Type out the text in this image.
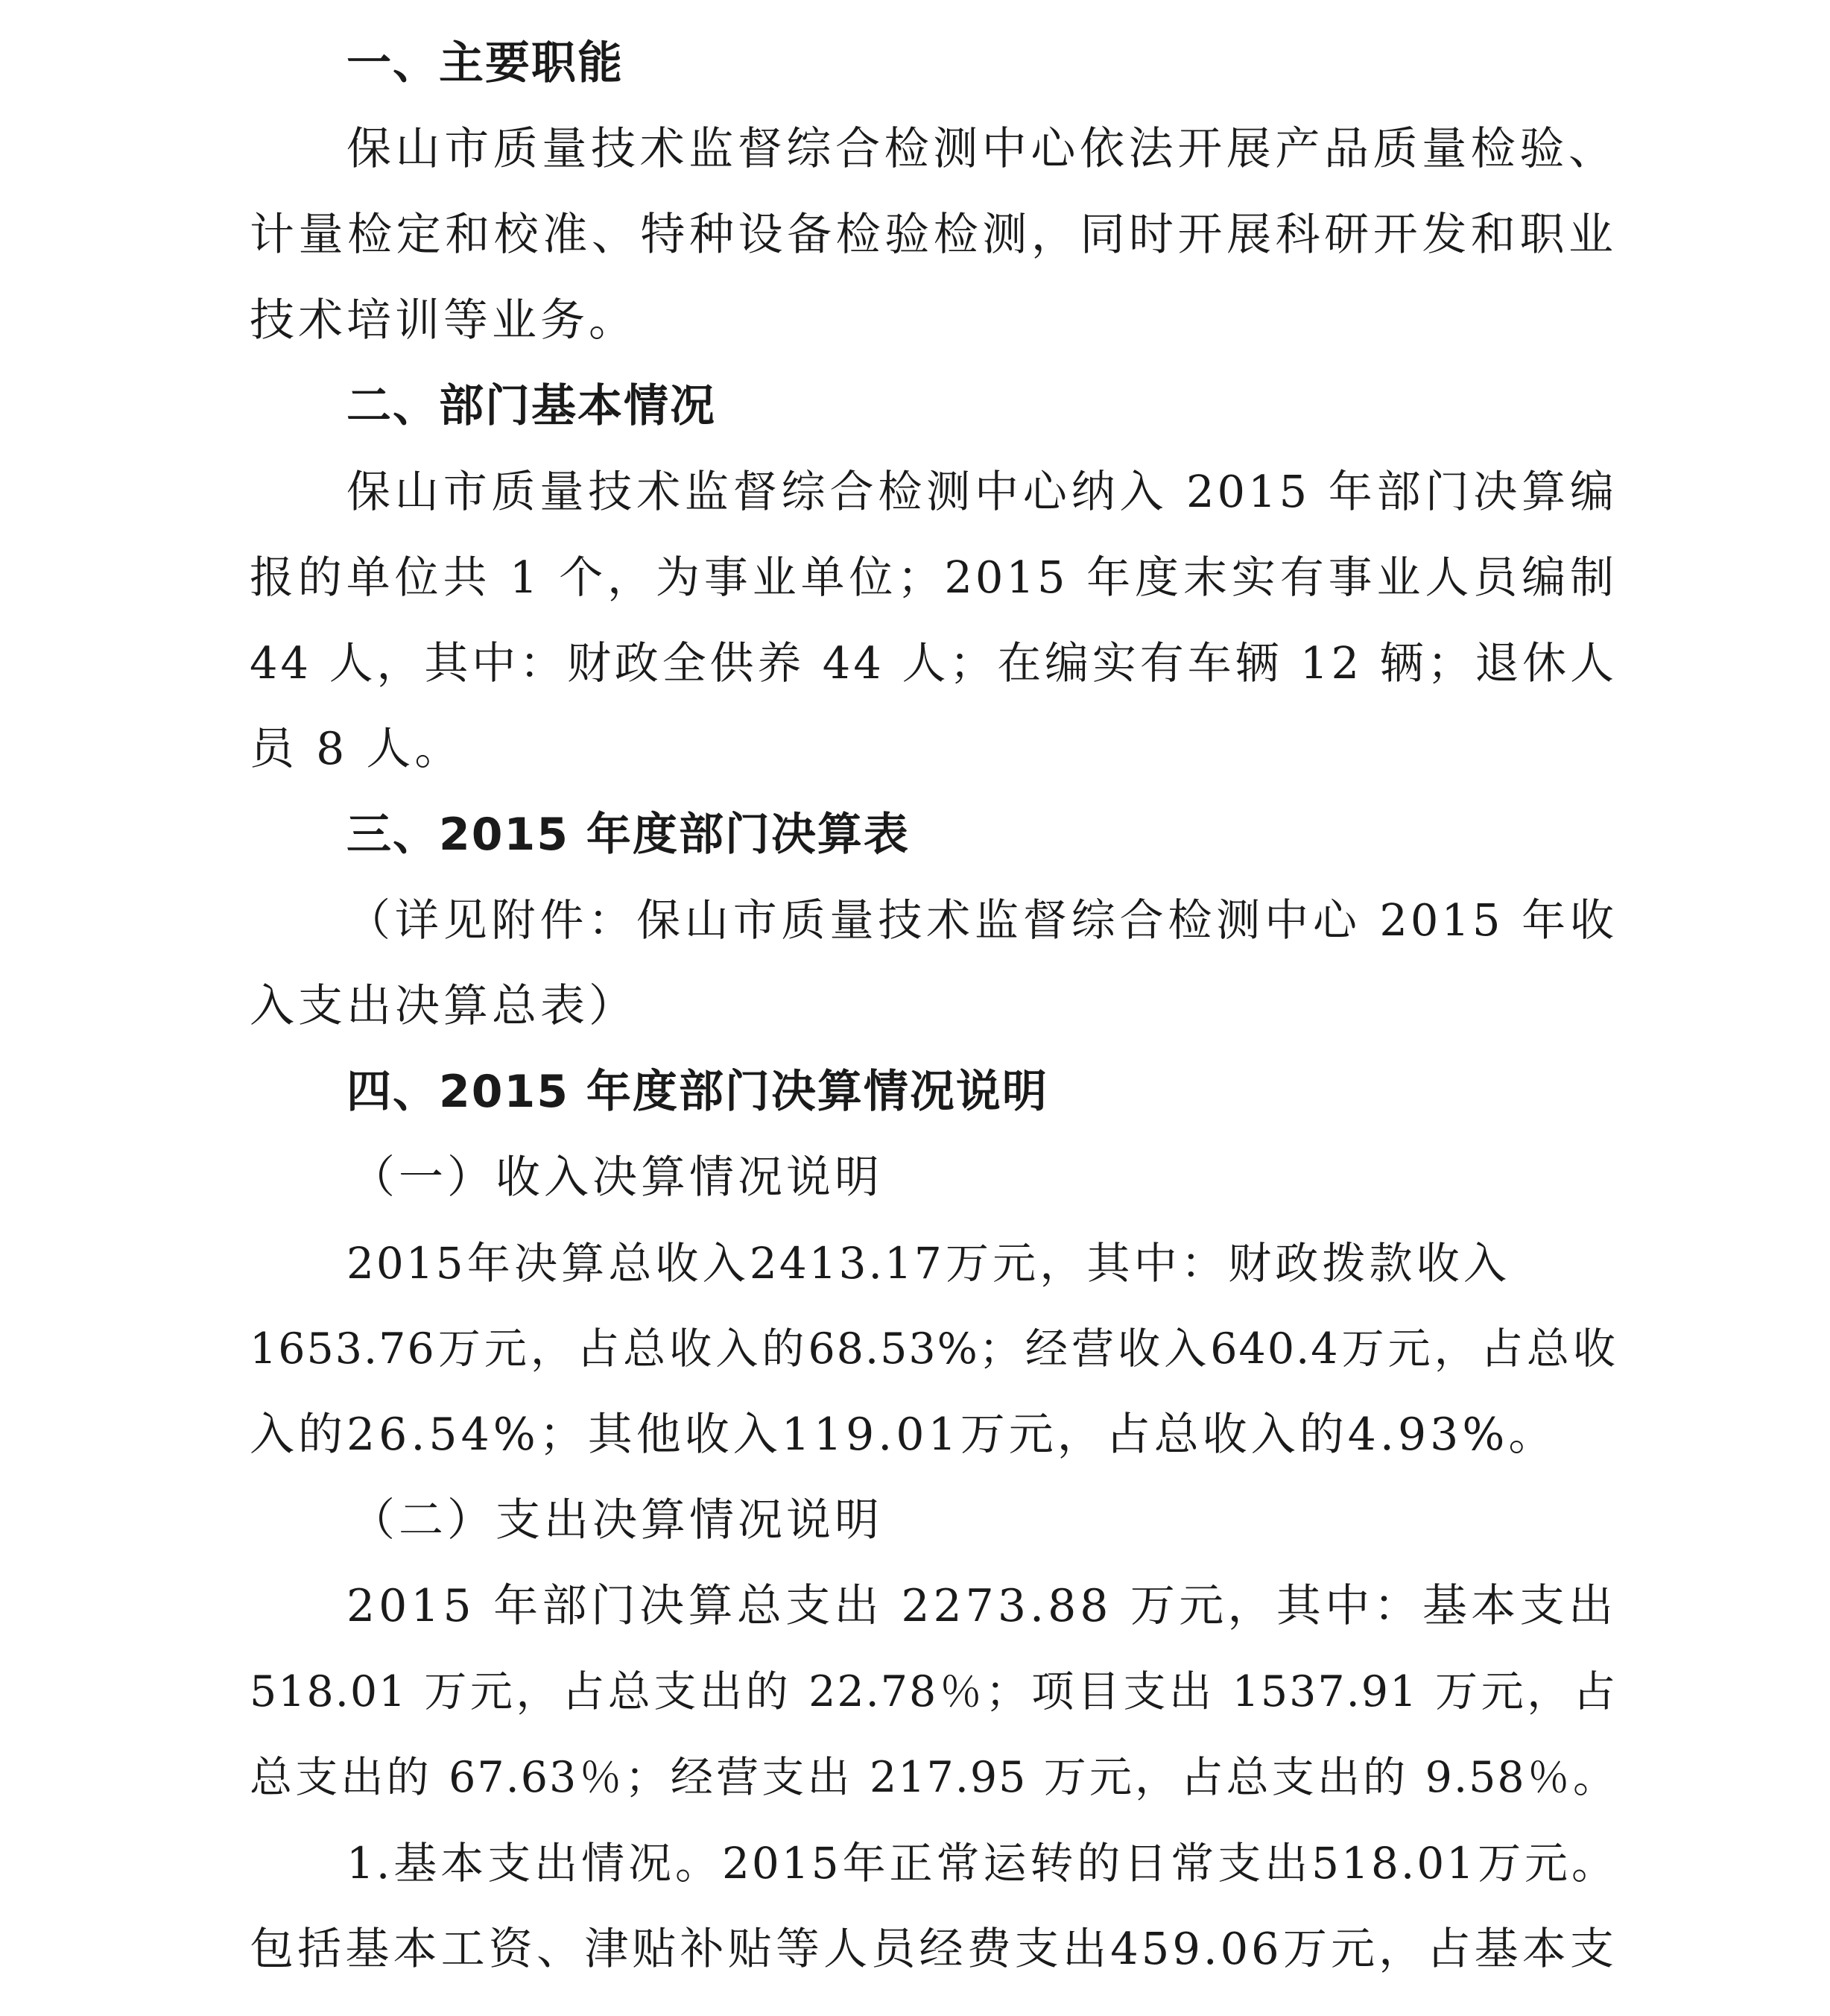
一、主要职能
保山市质量技术监督综合检测中心依法开展产品质量检验、
计量检定和校准、特种设备检验检测，同时开展科研开发和职业
技术培训等业务。
二、部门基本情况
保山市质量技术监督综合检测中心纳入 2015 年部门决算编
报的单位共 1 个，为事业单位；2015 年度末实有事业人员编制
44 人，其中：财政全供养 44 人；在编实有车辆 12 辆；退休人
员 8 人。
三、2015 年度部门决算表
（详见附件：保山市质量技术监督综合检测中心 2015 年收
入支出决算总表）
四、2015 年度部门决算情况说明
（一）收入决算情况说明
2015年决算总收入2413.17万元，其中：财政拨款收入
1653.76万元，占总收入的68.53%；经营收入640.4万元，占总收
入的26.54%；其他收入119.01万元，占总收入的4.93%。
（二）支出决算情况说明
2015 年部门决算总支出 2273.88 万元，其中：基本支出
518.01 万元，占总支出的 22.78％；项目支出 1537.91 万元，占
总支出的 67.63％；经营支出 217.95 万元，占总支出的 9.58％。
1.基本支出情况。2015年正常运转的日常支出518.01万元。
包括基本工资、津贴补贴等人员经费支出459.06万元，占基本支
